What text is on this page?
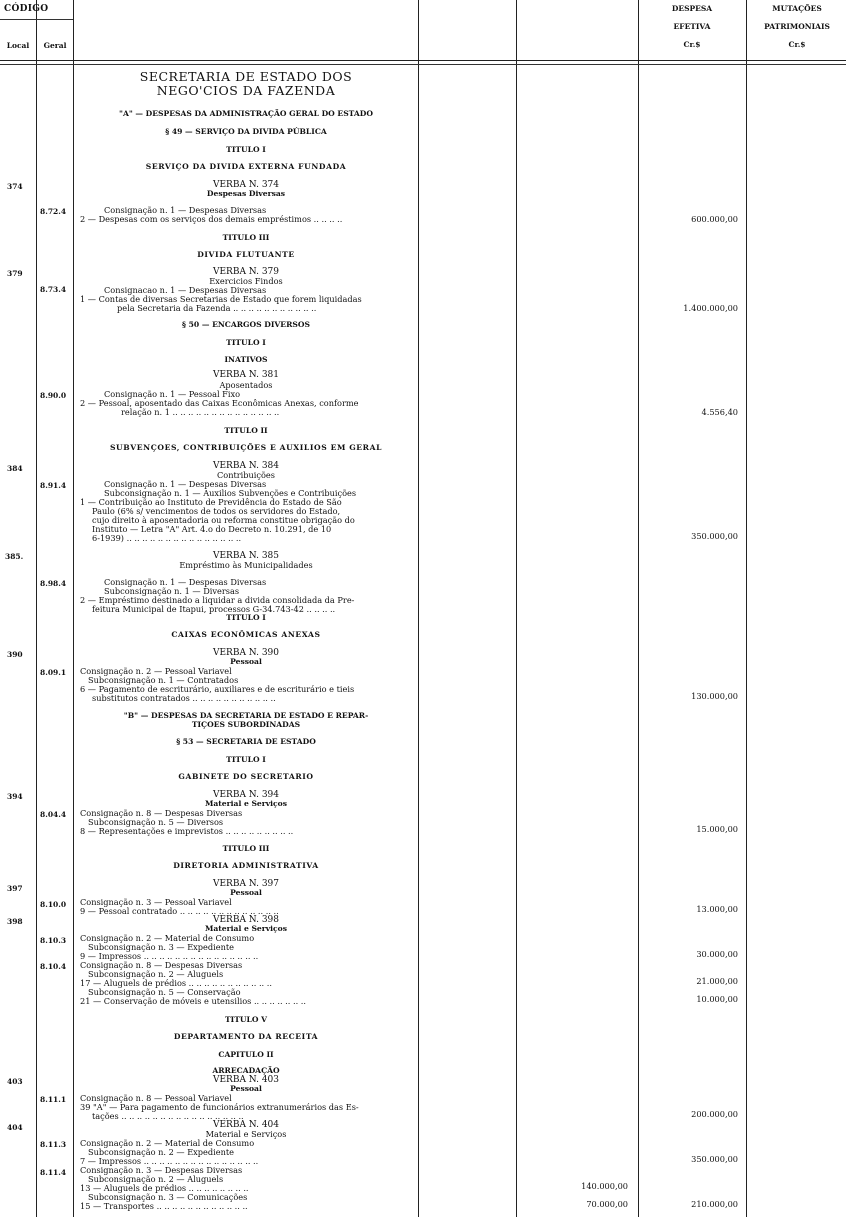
CÓDIGO
Local	Geral
DESPESA
EFETIVA
Cr.$
MUTAÇÕES
PATRIMONIAIS
Cr.$
SECRETARIA DE ESTADO DOS
NEGO'CIOS DA FAZENDA
"A" — DESPESAS DA ADMINISTRAÇÃO GERAL DO ESTADO
§ 49 — SERVIÇO DA DIVIDA PÚBLICA
TITULO I
SERVIÇO DA DIVIDA EXTERNA FUNDADA
VERBA N. 374
Despesas Diversas
Consignação n. 1 — Despesas Diversas
2 — Despesas com os serviços dos demais empréstimos .. .. .. ..
TITULO III
DIVIDA FLUTUANTE
VERBA N. 379
Exercicios Findos
Consignacao n. 1 — Despesas Diversas
1 — Contas de diversas Secretarias de Estado que forem liquidadas
pela Secretaria da Fazenda .. .. .. .. .. .. .. .. .. .. ..
§ 50 — ENCARGOS DIVERSOS
TITULO I
INATIVOS
VERBA N. 381
Aposentados
Consignação n. 1 — Pessoal Fixo
2 — Pessoal, aposentado das Caixas Econômicas Anexas, conforme
relação n. 1 .. .. .. .. .. .. .. .. .. .. .. .. .. ..
TITULO II
SUBVENÇOES, CONTRIBUIÇÕES E AUXILIOS EM GERAL
VERBA N. 384
Contribuições
Consignação n. 1 — Despesas Diversas
Subconsignação n. 1 — Auxilios Subvenções e Contribuições
1 — Contribuição ao Instituto de Previdência do Estado de São
Paulo (6% s/ vencimentos de todos os servidores do Estado,
cujo direito à aposentadoria ou reforma constitue obrigação do
Instituto — Letra "A" Art. 4.o do Decreto n. 10.291, de 10
6-1939) .. .. .. .. .. .. .. .. .. .. .. .. .. .. ..
VERBA N. 385
Empréstimo às Municipalidades
Consignação n. 1 — Despesas Diversas
Subconsignação n. 1 — Diversas
2 — Empréstimo destinado a liquidar a divida consolidada da Pre-
feitura Municipal de Itapui, processos G-34.743-42 .. .. .. ..
TITULO I
CAIXAS ECONÔMICAS ANEXAS
VERBA N. 390
Pessoal
Consignação n. 2 — Pessoal Variavel
Subconsignação n. 1 — Contratados
6 — Pagamento de escriturário, auxiliares e de escriturário e tieis
substitutos contratados .. .. .. .. .. .. .. .. .. .. ..
"B" — DESPESAS DA SECRETARIA DE ESTADO E REPAR-
TIÇOES SUBORDINADAS
§ 53 — SECRETARIA DE ESTADO
TITULO I
GABINETE DO SECRETARIO
VERBA N. 394
Material e Serviços
Consignação n. 8 — Despesas Diversas
Subconsignação n. 5 — Diversos
8 — Representações e imprevistos .. .. .. .. .. .. .. .. ..
TITULO III
DIRETORIA ADMINISTRATIVA
VERBA N. 397
Pessoal
Consignação n. 3 — Pessoal Variavel
9 — Pessoal contratado .. .. .. .. .. .. .. .. .. .. .. .. ..
VERBA N. 398
Material e Serviços
Consignação n. 2 — Material de Consumo
Subconsignação n. 3 — Expediente
9 — Impressos .. .. .. .. .. .. .. .. .. .. .. .. .. .. ..
Consignação n. 8 — Despesas Diversas
Subconsignação n. 2 — Aluguels
17 — Aluguels de prédios .. .. .. .. .. .. .. .. .. .. ..
Subconsignação n. 5 — Conservação
21 — Conservação de móveis e utensilios .. .. .. .. .. .. ..
TITULO V
DEPARTAMENTO DA RECEITA
CAPITULO II
ARRECADAÇÃO
VERBA N. 403
Pessoal
Consignação n. 8 — Pessoal Variavel
39 "A" — Para pagamento de funcionários extranumerários das Es-
tações .. .. .. .. .. .. .. .. .. .. .. .. .. .. .. ..
VERBA N. 404
Material e Serviços
Consignação n. 2 — Material de Consumo
Subconsignação n. 2 — Expediente
7 — Impressos .. .. .. .. .. .. .. .. .. .. .. .. .. .. ..
Consignação n. 3 — Despesas Diversas
Subconsignação n. 2 — Aluguels
13 — Aluguels de prédios .. .. .. .. .. .. .. ..
Subconsignação n. 3 — Comunicações
15 — Transportes .. .. .. .. .. .. .. .. .. .. .. ..
374
379
384
385.
390
394
397
398
403
404
8.72.4
8.73.4
8.90.0
8.91.4
8.98.4
8.09.1
8.04.4
8.10.0
8.10.3
8.10.4
8.11.1
8.11.3
8.11.4
600.000,00
1.400.000,00
4.556,40
350.000,00
130.000,00
15.000,00
13.000,00
30.000,00
21.000,00
10.000,00
200.000,00
350.000,00
210.000,00
140.000,00
70.000,00
